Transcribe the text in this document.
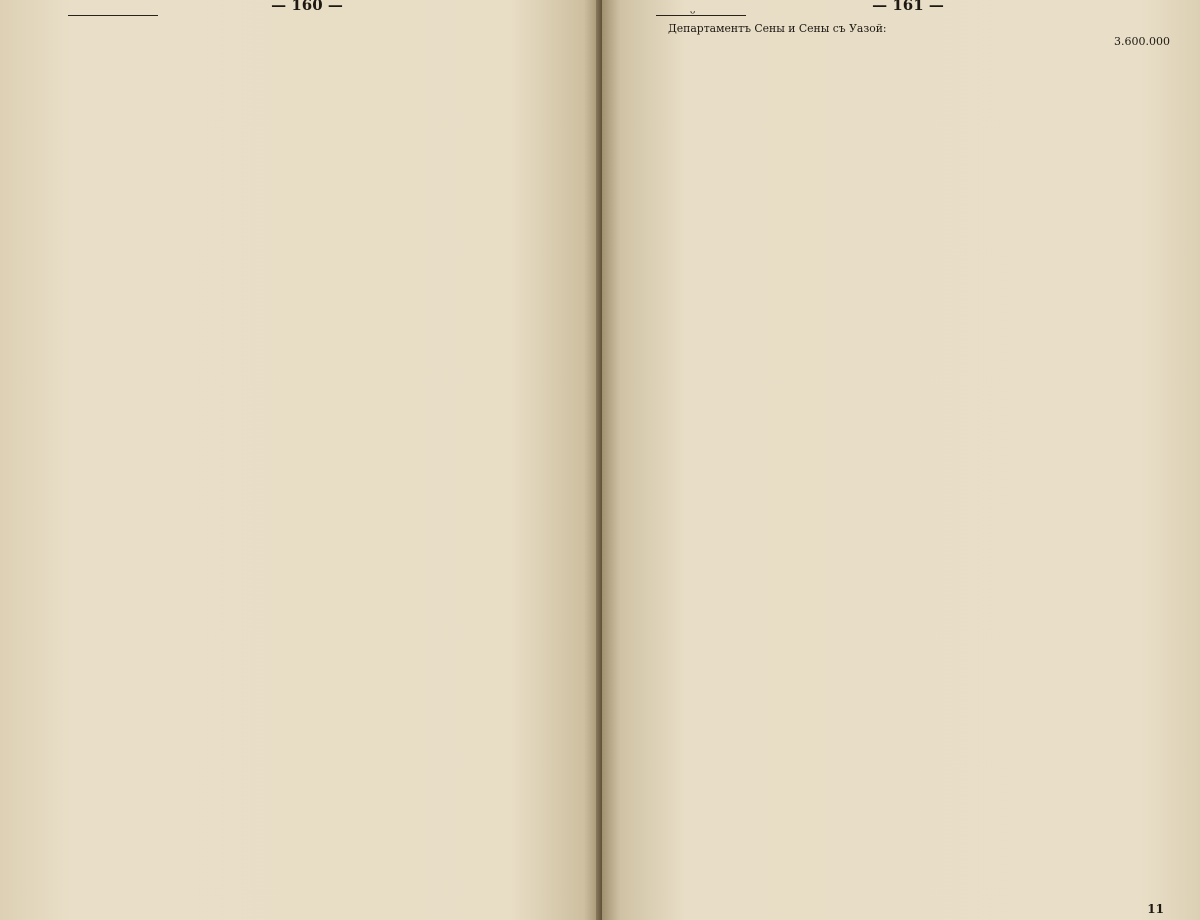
— 160 —	ᵕ	— 161 —

Департаментъ Сены и Сены съ Уазой:

3.600.000
11
